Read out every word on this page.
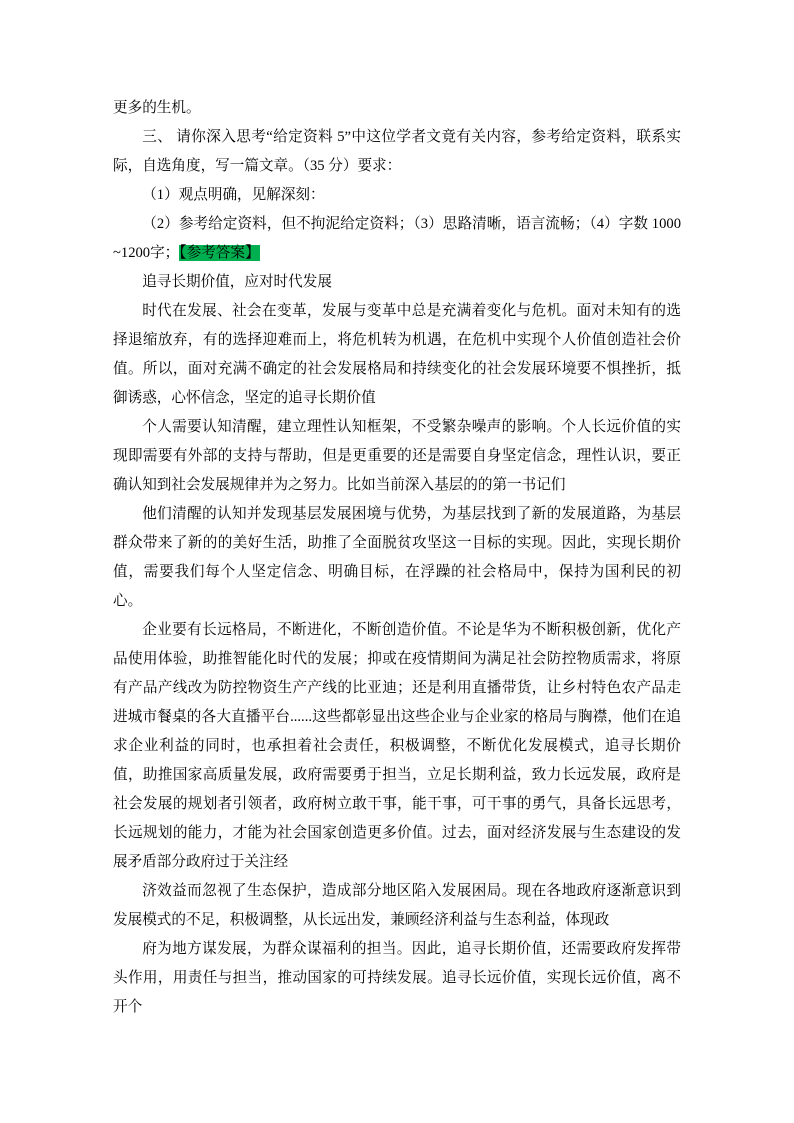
更多的生机。

三、 请你深入思考“给定资料 5”中这位学者文竟有关内容，参考给定资料，联系实际，自选角度，写一篇文章。（35 分）要求：

（1）观点明确，见解深刻：

（2）参考给定资料，但不拘泥给定资料；（3）思路清晰，语言流畅；（4）字数 1000~1200字；【参考答案】

追寻长期价值，应对时代发展

时代在发展、社会在变革，发展与变革中总是充满着变化与危机。面对未知有的选择退缩放弃，有的选择迎难而上，将危机转为机遇，在危机中实现个人价值创造社会价值。所以，面对充满不确定的社会发展格局和持续变化的社会发展环境要不惧挫折，抵御诱惑，心怀信念，坚定的追寻长期价值

个人需要认知清醒，建立理性认知框架，不受繁杂噪声的影响。个人长远价值的实现即需要有外部的支持与帮助，但是更重要的还是需要自身坚定信念，理性认识，要正确认知到社会发展规律并为之努力。比如当前深入基层的的第一书记们

他们清醒的认知并发现基层发展困境与优势，为基层找到了新的发展道路，为基层群众带来了新的的美好生活，助推了全面脱贫攻坚这一目标的实现。因此，实现长期价值，需要我们每个人坚定信念、明确目标，在浮躁的社会格局中，保持为国利民的初心。

企业要有长远格局，不断进化，不断创造价值。不论是华为不断积极创新，优化产品使用体验，助推智能化时代的发展；抑或在疫情期间为满足社会防控物质需求，将原有产品产线改为防控物资生产产线的比亚迪；还是利用直播带货，让乡村特色农产品走进城市餐桌的各大直播平台......这些都彰显出这些企业与企业家的格局与胸襟，他们在追求企业利益的同时，也承担着社会责任，积极调整，不断优化发展模式，追寻长期价值，助推国家高质量发展，政府需要勇于担当，立足长期利益，致力长远发展，政府是社会发展的规划者引领者，政府树立敢干事，能干事，可干事的勇气，具备长远思考，长远规划的能力，才能为社会国家创造更多价值。过去，面对经济发展与生态建设的发展矛盾部分政府过于关注经

济效益而忽视了生态保护，造成部分地区陷入发展困局。现在各地政府逐渐意识到发展模式的不足，积极调整，从长远出发，兼顾经济利益与生态利益，体现政

府为地方谋发展，为群众谋福利的担当。因此，追寻长期价值，还需要政府发挥带头作用，用责任与担当，推动国家的可持续发展。追寻长远价值，实现长远价值，离不开个
